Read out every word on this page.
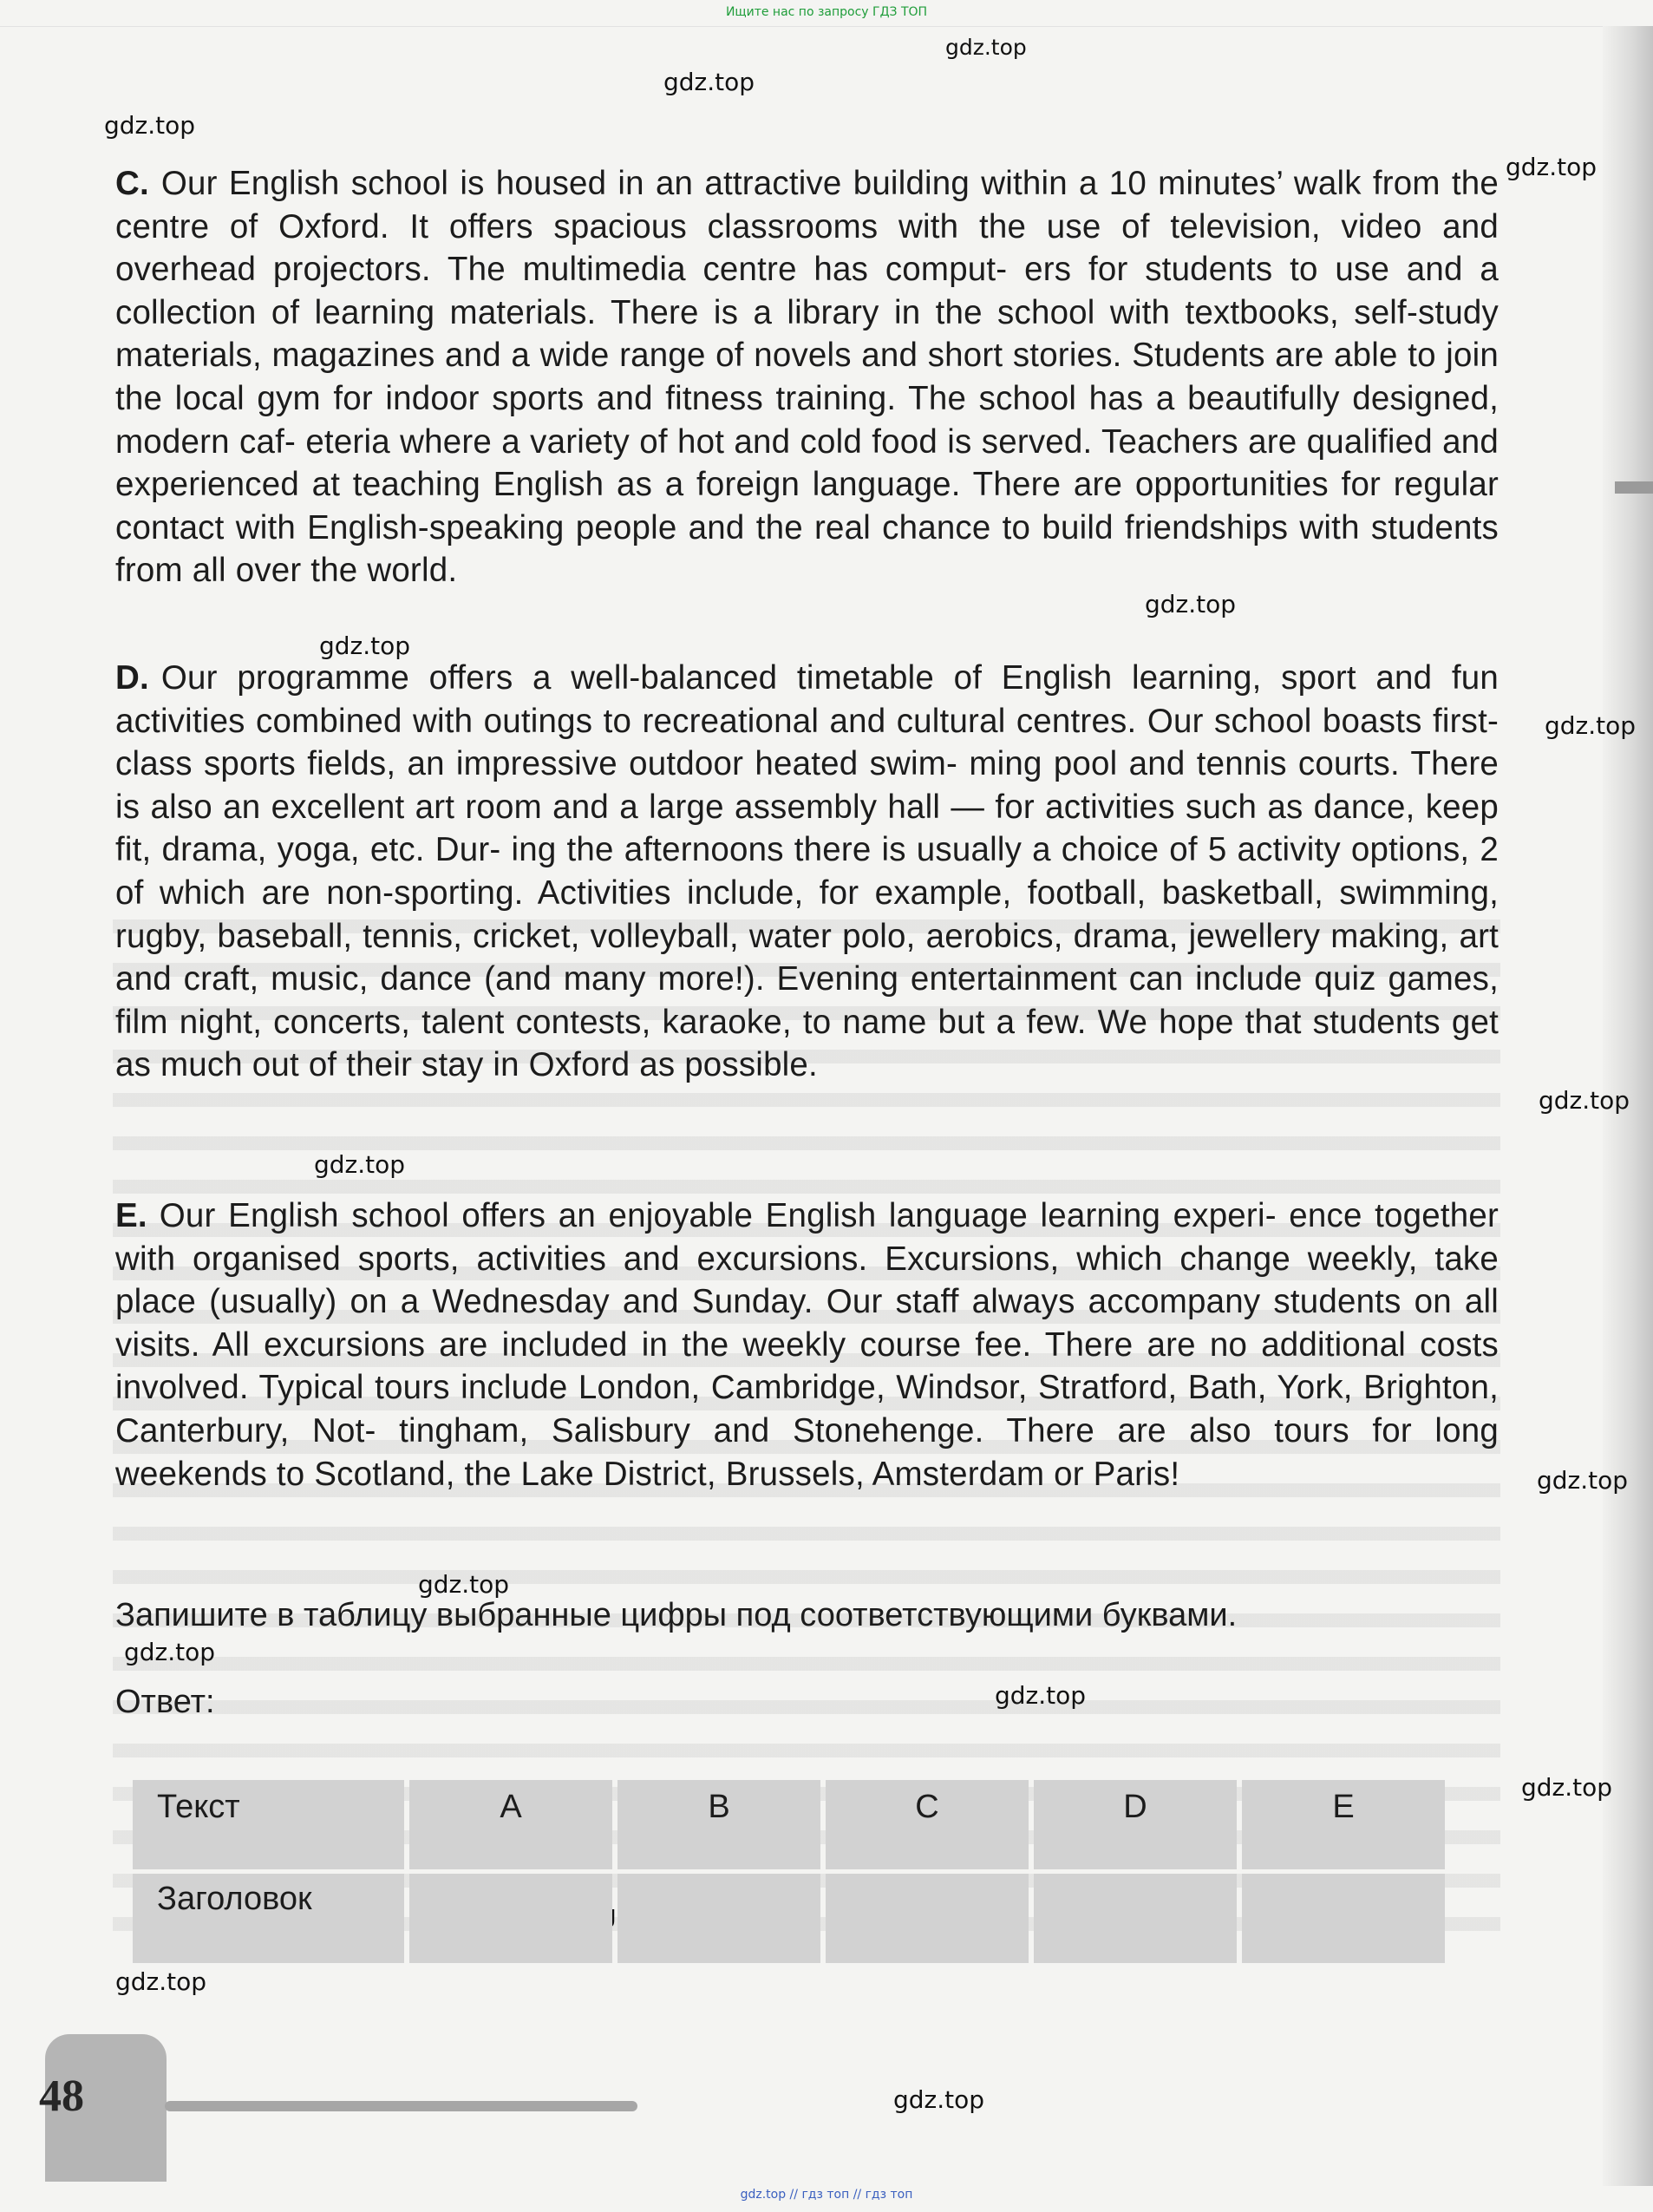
Ищите нас по запросу ГДЗ ТОП
gdz.top
gdz.top
gdz.top
gdz.top
gdz.top
gdz.top
gdz.top
gdz.top
gdz.top
gdz.top
gdz.top
gdz.top
gdz.top
gdz.top
gdz.top
gdz.top
C. Our English school is housed in an attractive building within a 10 minutes’ walk from the centre of Oxford. It offers spacious classrooms with the use of television, video and overhead projectors. The multimedia centre has comput- ers for students to use and a collection of learning materials. There is a library in the school with textbooks, self-study materials, magazines and a wide range of novels and short stories. Students are able to join the local gym for indoor sports and fitness training. The school has a beautifully designed, modern caf- eteria where a variety of hot and cold food is served. Teachers are qualified and experienced at teaching English as a foreign language. There are opportunities for regular contact with English-speaking people and the real chance to build friendships with students from all over the world.
D. Our programme offers a well-balanced timetable of English learning, sport and fun activities combined with outings to recreational and cultural centres. Our school boasts first-class sports fields, an impressive outdoor heated swim- ming pool and tennis courts. There is also an excellent art room and a large assembly hall — for activities such as dance, keep fit, drama, yoga, etc. Dur- ing the afternoons there is usually a choice of 5 activity options, 2 of which are non-sporting. Activities include, for example, football, basketball, swimming, rugby, baseball, tennis, cricket, volleyball, water polo, aerobics, drama, jewellery making, art and craft, music, dance (and many more!). Evening entertainment can include quiz games, film night, concerts, talent contests, karaoke, to name but a few. We hope that students get as much out of their stay in Oxford as possible.
E. Our English school offers an enjoyable English language learning experi- ence together with organised sports, activities and excursions. Excursions, which change weekly, take place (usually) on a Wednesday and Sunday. Our staff always accompany students on all visits. All excursions are included in the weekly course fee. There are no additional costs involved. Typical tours include London, Cambridge, Windsor, Stratford, Bath, York, Brighton, Canterbury, Not- tingham, Salisbury and Stonehenge. There are also tours for long weekends to Scotland, the Lake District, Brussels, Amsterdam or Paris!
Запишите в таблицу выбранные цифры под соответствующими буквами.
Ответ:
Текст	A	B	C	D	E

Заголовок					

48
gdz.top // гдз топ // гдз топ
